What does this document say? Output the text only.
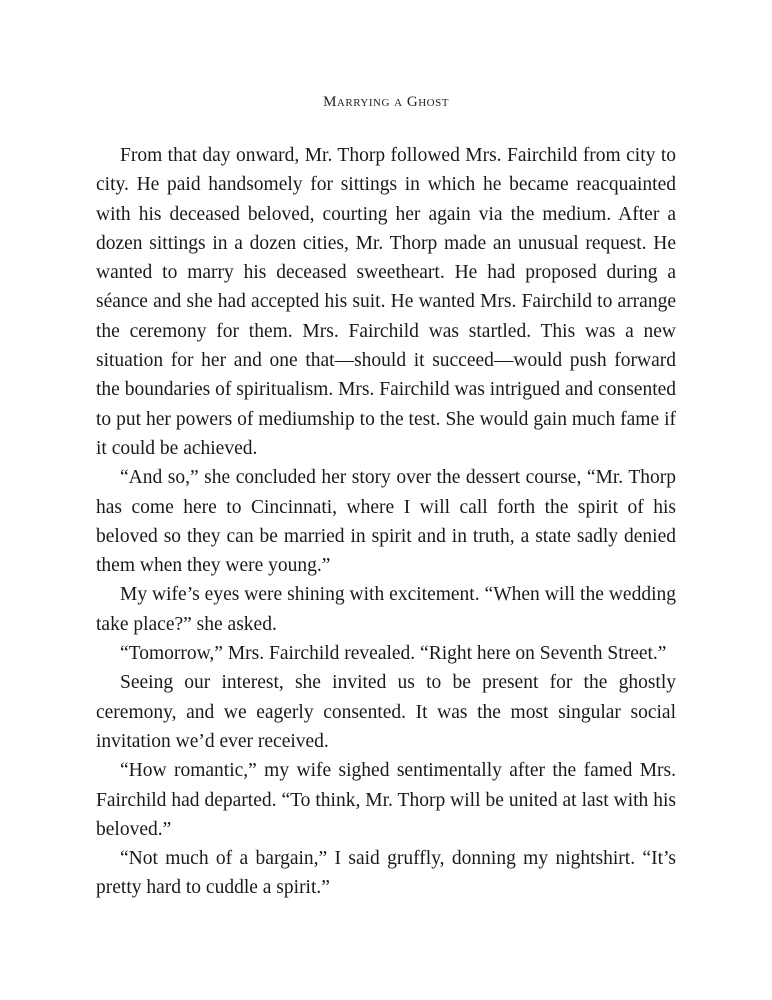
Marrying a Ghost

From that day onward, Mr. Thorp followed Mrs. Fairchild from city to city. He paid handsomely for sittings in which he became reacquainted with his deceased beloved, courting her again via the medium. After a dozen sittings in a dozen cities, Mr. Thorp made an unusual request. He wanted to marry his deceased sweetheart. He had proposed during a séance and she had accepted his suit. He wanted Mrs. Fairchild to arrange the ceremony for them. Mrs. Fairchild was startled. This was a new situation for her and one that—should it succeed—would push forward the boundaries of spiritualism. Mrs. Fairchild was intrigued and consented to put her powers of mediumship to the test. She would gain much fame if it could be achieved.

“And so,” she concluded her story over the dessert course, “Mr. Thorp has come here to Cincinnati, where I will call forth the spirit of his beloved so they can be married in spirit and in truth, a state sadly denied them when they were young.”

My wife’s eyes were shining with excitement. “When will the wedding take place?” she asked.

“Tomorrow,” Mrs. Fairchild revealed. “Right here on Seventh Street.”

Seeing our interest, she invited us to be present for the ghostly ceremony, and we eagerly consented. It was the most singular social invitation we’d ever received.

“How romantic,” my wife sighed sentimentally after the famed Mrs. Fairchild had departed. “To think, Mr. Thorp will be united at last with his beloved.”

“Not much of a bargain,” I said gruffly, donning my nightshirt. “It’s pretty hard to cuddle a spirit.”
